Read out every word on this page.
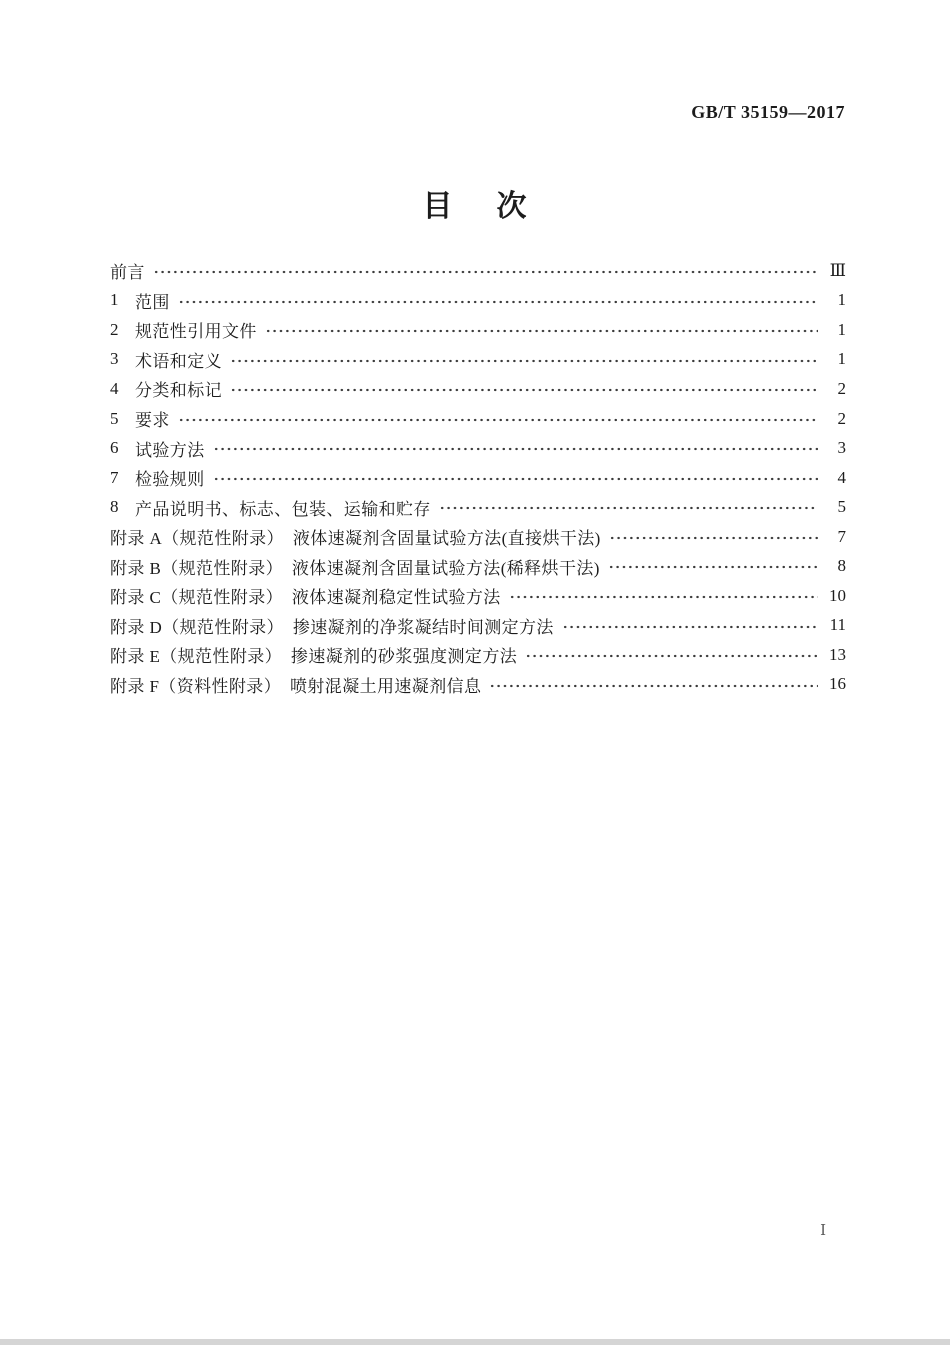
GB/T 35159—2017
目 次
前言	Ⅲ
1 范围	1
2 规范性引用文件	1
3 术语和定义	1
4 分类和标记	2
5 要求	2
6 试验方法	3
7 检验规则	4
8 产品说明书、标志、包装、运输和贮存	5
附录 A（规范性附录）　液体速凝剂含固量试验方法(直接烘干法)	7
附录 B（规范性附录）　液体速凝剂含固量试验方法(稀释烘干法)	8
附录 C（规范性附录）　液体速凝剂稳定性试验方法	10
附录 D（规范性附录）　掺速凝剂的净浆凝结时间测定方法	11
附录 E（规范性附录）　掺速凝剂的砂浆强度测定方法	13
附录 F（资料性附录）　喷射混凝土用速凝剂信息	16
Ⅰ
